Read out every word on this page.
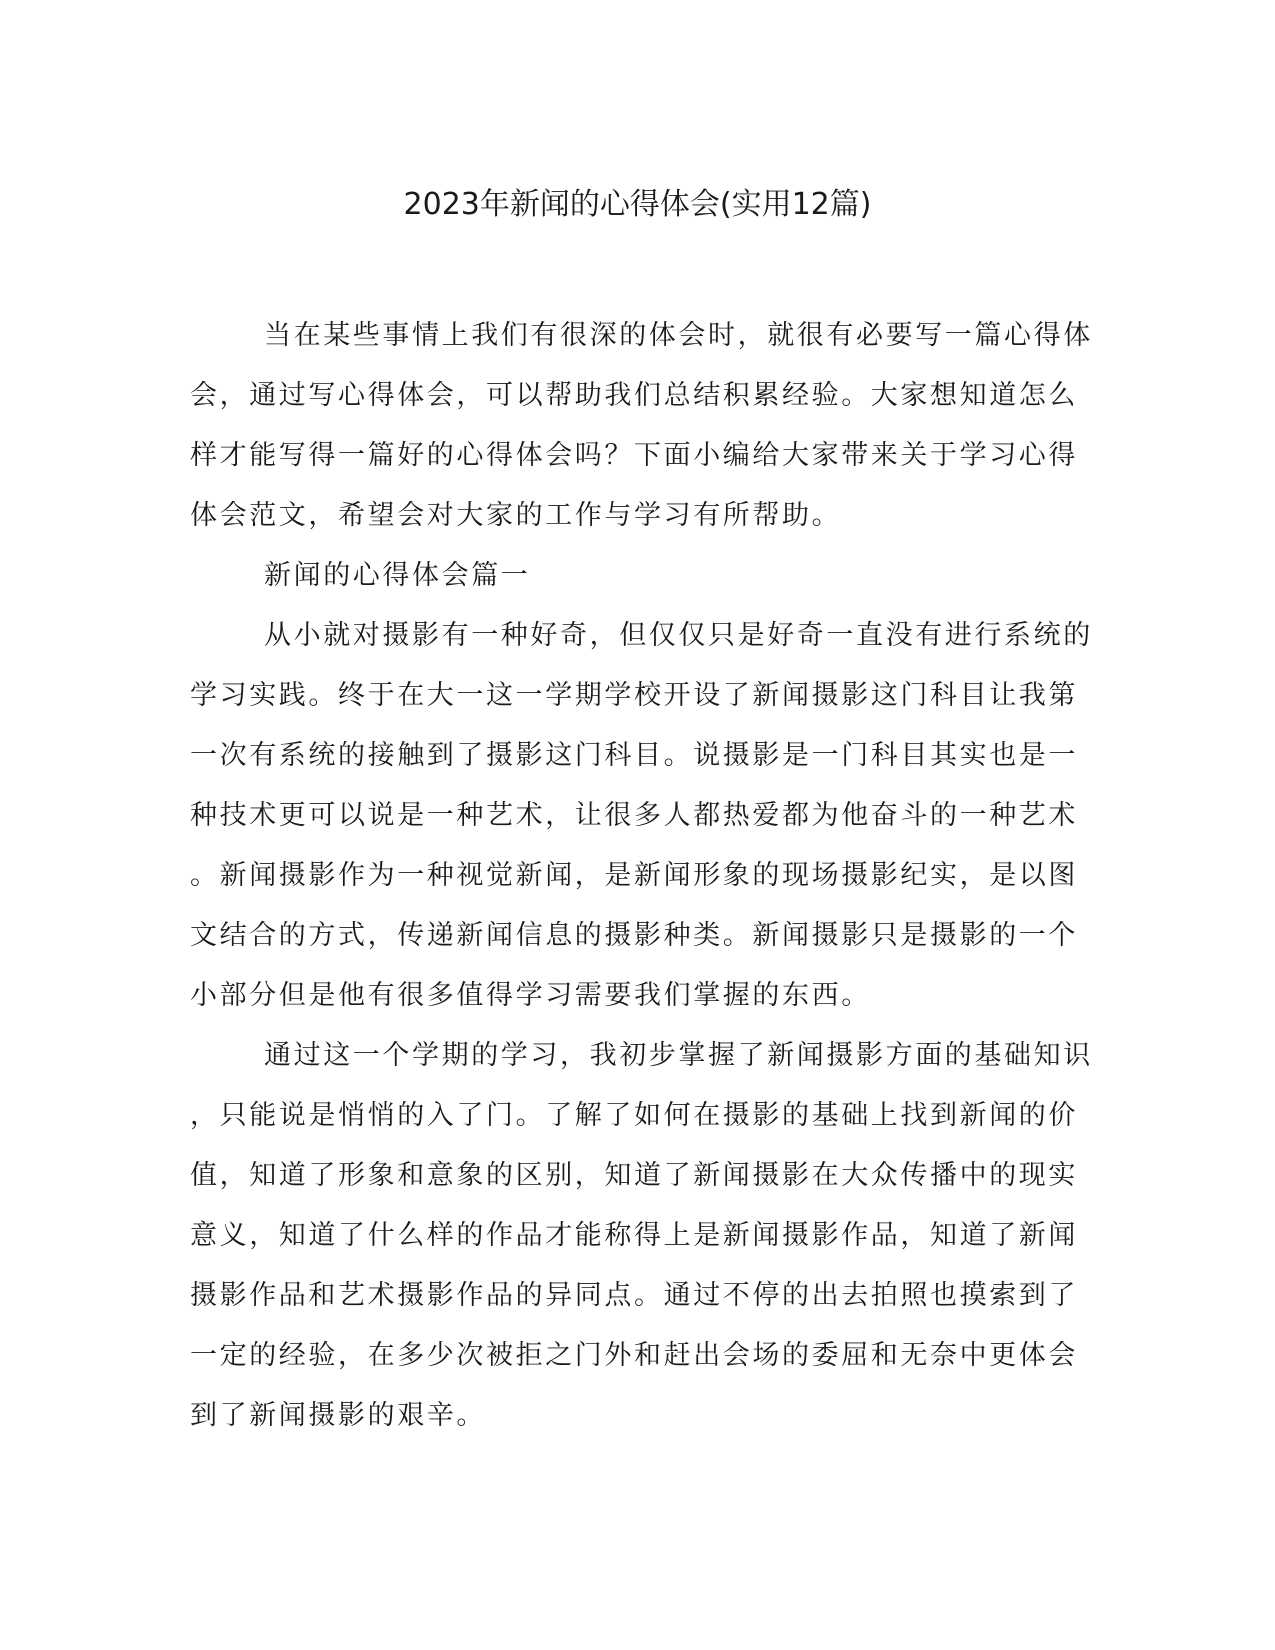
2023年新闻的心得体会(实用12篇)
当在某些事情上我们有很深的体会时，就很有必要写一篇心得体
会，通过写心得体会，可以帮助我们总结积累经验。大家想知道怎么
样才能写得一篇好的心得体会吗？下面小编给大家带来关于学习心得
体会范文，希望会对大家的工作与学习有所帮助。
新闻的心得体会篇一
从小就对摄影有一种好奇，但仅仅只是好奇一直没有进行系统的
学习实践。终于在大一这一学期学校开设了新闻摄影这门科目让我第
一次有系统的接触到了摄影这门科目。说摄影是一门科目其实也是一
种技术更可以说是一种艺术，让很多人都热爱都为他奋斗的一种艺术
。新闻摄影作为一种视觉新闻，是新闻形象的现场摄影纪实，是以图
文结合的方式，传递新闻信息的摄影种类。新闻摄影只是摄影的一个
小部分但是他有很多值得学习需要我们掌握的东西。
通过这一个学期的学习，我初步掌握了新闻摄影方面的基础知识
，只能说是悄悄的入了门。了解了如何在摄影的基础上找到新闻的价
值，知道了形象和意象的区别，知道了新闻摄影在大众传播中的现实
意义，知道了什么样的作品才能称得上是新闻摄影作品，知道了新闻
摄影作品和艺术摄影作品的异同点。通过不停的出去拍照也摸索到了
一定的经验，在多少次被拒之门外和赶出会场的委屈和无奈中更体会
到了新闻摄影的艰辛。
